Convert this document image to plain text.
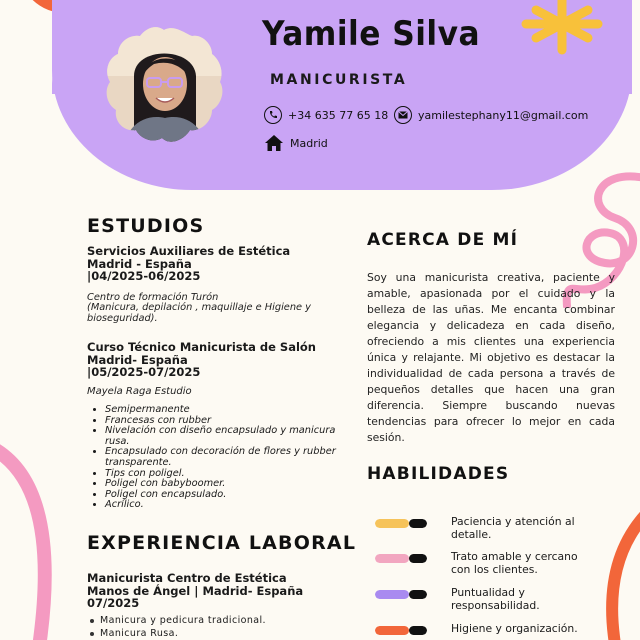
Yamile Silva
MANICURISTA
+34 635 77 65 18	yamilestephany11@gmail.com
Madrid
ESTUDIOS
Servicios Auxiliares de Estética
Madrid - España
|04/2025-06/2025
Centro de formación Turón
(Manicura, depilación , maquillaje e Higiene y bioseguridad).
Curso Técnico Manicurista de Salón
Madrid- España
|05/2025-07/2025
Mayela Raga Estudio
• Semipermanente
• Francesas con rubber
• Nivelación con diseño encapsulado y manicura rusa.
• Encapsulado con decoración de flores y rubber transparente.
• Tips con poligel.
• Poligel con babyboomer.
• Poligel con encapsulado.
• Acrílico.
EXPERIENCIA LABORAL
Manicurista Centro de Estética Manos de Ángel | Madrid- España 07/2025
Manicura y pedicura tradicional.
Manicura Rusa.
ACERCA DE MÍ
Soy una manicurista creativa, paciente y amable, apasionada por el cuidado y la belleza de las uñas. Me encanta combinar elegancia y delicadeza en cada diseño, ofreciendo a mis clientes una experiencia única y relajante. Mi objetivo es destacar la individualidad de cada persona a través de pequeños detalles que hacen una gran diferencia. Siempre buscando nuevas tendencias para ofrecer lo mejor en cada sesión.
HABILIDADES
Paciencia y atención al detalle.
Trato amable y cercano con los clientes.
Puntualidad y responsabilidad.
Higiene y organización.
